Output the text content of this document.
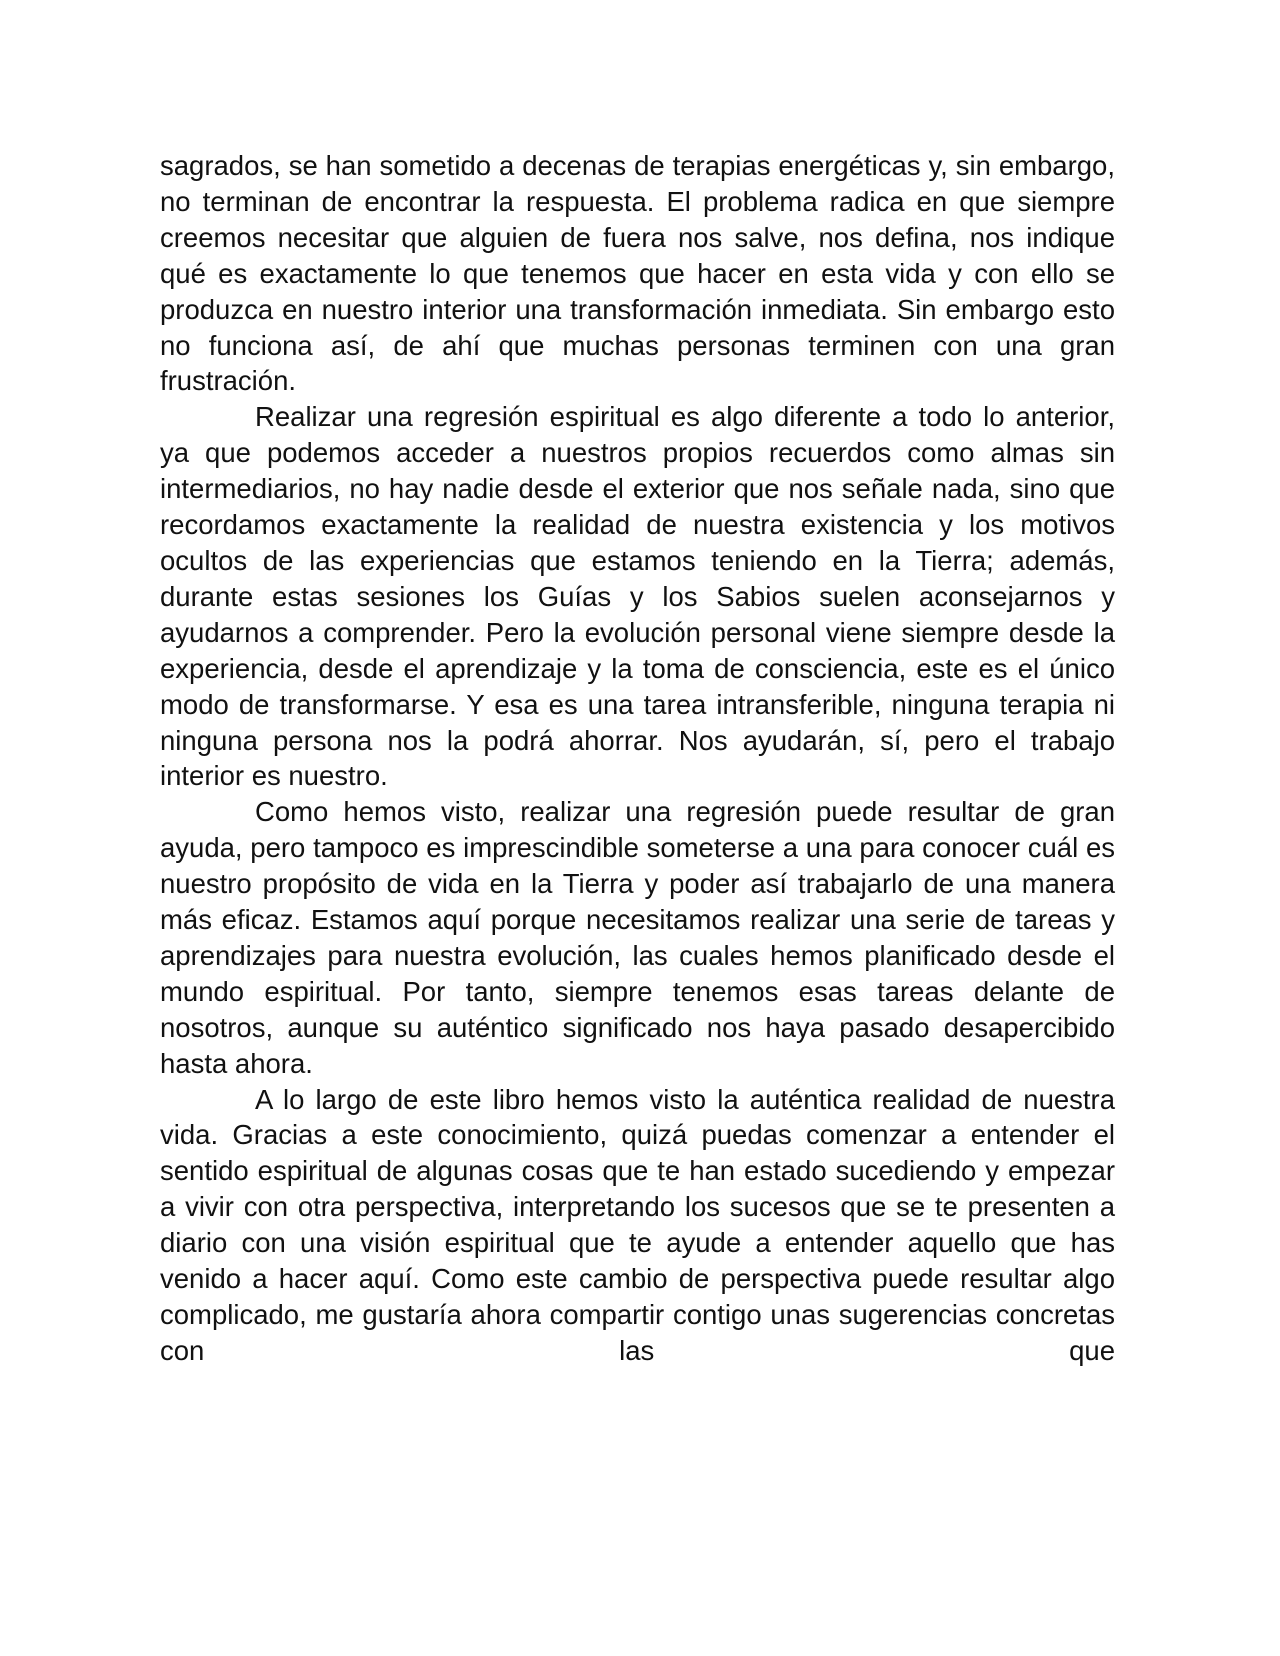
sagrados, se han sometido a decenas de terapias energéticas y, sin embargo, no terminan de encontrar la respuesta. El problema radica en que siempre creemos necesitar que alguien de fuera nos salve, nos defina, nos indique qué es exactamente lo que tenemos que hacer en esta vida y con ello se produzca en nuestro interior una transformación inmediata. Sin embargo esto no funciona así, de ahí que muchas personas terminen con una gran frustración.

Realizar una regresión espiritual es algo diferente a todo lo anterior, ya que podemos acceder a nuestros propios recuerdos como almas sin intermediarios, no hay nadie desde el exterior que nos señale nada, sino que recordamos exactamente la realidad de nuestra existencia y los motivos ocultos de las experiencias que estamos teniendo en la Tierra; además, durante estas sesiones los Guías y los Sabios suelen aconsejarnos y ayudarnos a comprender. Pero la evolución personal viene siempre desde la experiencia, desde el aprendizaje y la toma de consciencia, este es el único modo de transformarse. Y esa es una tarea intransferible, ninguna terapia ni ninguna persona nos la podrá ahorrar. Nos ayudarán, sí, pero el trabajo interior es nuestro.

Como hemos visto, realizar una regresión puede resultar de gran ayuda, pero tampoco es imprescindible someterse a una para conocer cuál es nuestro propósito de vida en la Tierra y poder así trabajarlo de una manera más eficaz. Estamos aquí porque necesitamos realizar una serie de tareas y aprendizajes para nuestra evolución, las cuales hemos planificado desde el mundo espiritual. Por tanto, siempre tenemos esas tareas delante de nosotros, aunque su auténtico significado nos haya pasado desapercibido hasta ahora.

A lo largo de este libro hemos visto la auténtica realidad de nuestra vida. Gracias a este conocimiento, quizá puedas comenzar a entender el sentido espiritual de algunas cosas que te han estado sucediendo y empezar a vivir con otra perspectiva, interpretando los sucesos que se te presenten a diario con una visión espiritual que te ayude a entender aquello que has venido a hacer aquí. Como este cambio de perspectiva puede resultar algo complicado, me gustaría ahora compartir contigo unas sugerencias concretas con las que
